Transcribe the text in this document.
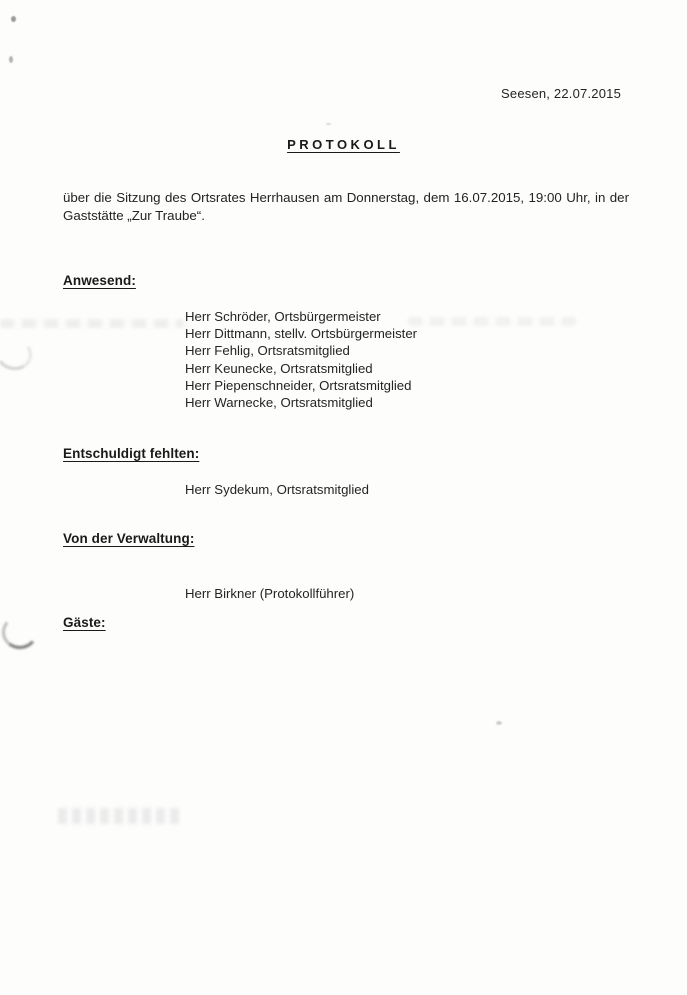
Seesen, 22.07.2015
PROTOKOLL
über die Sitzung des Ortsrates Herrhausen am Donnerstag, dem 16.07.2015, 19:00 Uhr, in der Gaststätte „Zur Traube“.
Anwesend:
Herr Schröder, Ortsbürgermeister
Herr Dittmann, stellv. Ortsbürgermeister
Herr Fehlig, Ortsratsmitglied
Herr Keunecke, Ortsratsmitglied
Herr Piepenschneider, Ortsratsmitglied
Herr Warnecke, Ortsratsmitglied
Entschuldigt fehlten:
Herr Sydekum, Ortsratsmitglied
Von der Verwaltung:
Herr Birkner (Protokollführer)
Gäste:
